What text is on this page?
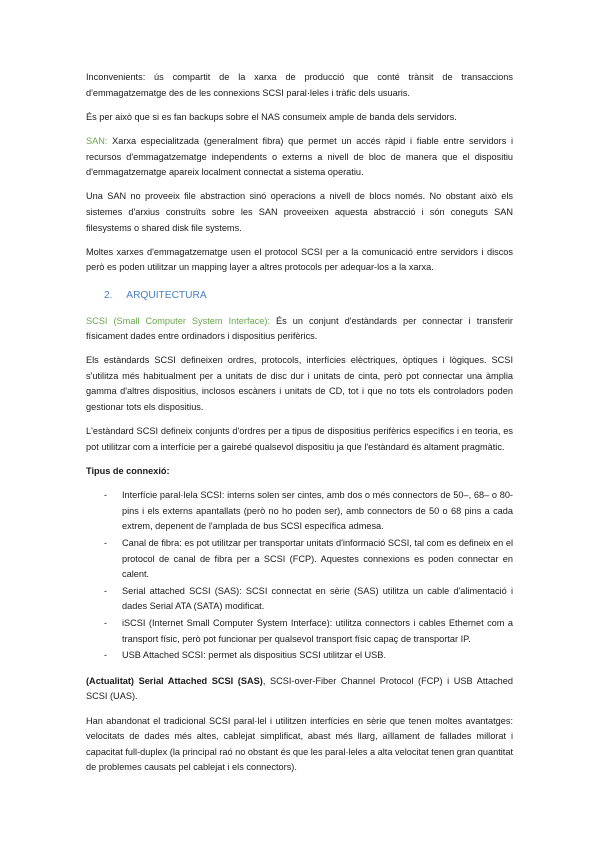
Inconvenients: ús compartit de la xarxa de producció que conté trànsit de transaccions d'emmagatzematge des de les connexions SCSI paral·leles i tràfic dels usuaris.

És per això que si es fan backups sobre el NAS consumeix ample de banda dels servidors.

SAN: Xarxa especialitzada (generalment fibra) que permet un accés ràpid i fiable entre servidors i recursos d'emmagatzematge independents o externs a nivell de bloc de manera que el dispositiu d'emmagatzematge apareix localment connectat a sistema operatiu.

Una SAN no proveeix file abstraction sinó operacions a nivell de blocs només. No obstant això els sistemes d'arxius construïts sobre les SAN proveeixen aquesta abstracció i són coneguts SAN filesystems o shared disk file systems.

Moltes xarxes d'emmagatzematge usen el protocol SCSI per a la comunicació entre servidors i discos però es poden utilitzar un mapping layer a altres protocols per adequar-los a la xarxa.

2. ARQUITECTURA

SCSI (Small Computer System Interface): És un conjunt d'estàndards per connectar i transferir físicament dades entre ordinadors i dispositius perifèrics.

Els estàndards SCSI defineixen ordres, protocols, interfícies elèctriques, òptiques i lògiques. SCSI s'utilitza més habitualment per a unitats de disc dur i unitats de cinta, però pot connectar una àmplia gamma d'altres dispositius, inclosos escàners i unitats de CD, tot i que no tots els controladors poden gestionar tots els dispositius.

L'estàndard SCSI defineix conjunts d'ordres per a tipus de dispositius perifèrics específics i en teoria, es pot utilitzar com a interfície per a gairebé qualsevol dispositiu ja que l'estàndard és altament pragmàtic.

Tipus de connexió:

- Interfície paral·lela SCSI: interns solen ser cintes, amb dos o més connectors de 50–, 68– o 80-pins i els externs apantallats (però no ho poden ser), amb connectors de 50 o 68 pins a cada extrem, depenent de l'amplada de bus SCSI específica admesa.
- Canal de fibra: es pot utilitzar per transportar unitats d'informació SCSI, tal com es defineix en el protocol de canal de fibra per a SCSI (FCP). Aquestes connexions es poden connectar en calent.
- Serial attached SCSI (SAS): SCSI connectat en sèrie (SAS) utilitza un cable d'alimentació i dades Serial ATA (SATA) modificat.
- iSCSI (Internet Small Computer System Interface): utilitza connectors i cables Ethernet com a transport físic, però pot funcionar per qualsevol transport físic capaç de transportar IP.
- USB Attached SCSI: permet als dispositius SCSI utilitzar el USB.

(Actualitat) Serial Attached SCSI (SAS), SCSI-over-Fiber Channel Protocol (FCP) i USB Attached SCSI (UAS).

Han abandonat el tradicional SCSI paral·lel i utilitzen interfícies en sèrie que tenen moltes avantatges: velocitats de dades més altes, cablejat simplificat, abast més llarg, aïllament de fallades millorat i capacitat full-duplex (la principal raó no obstant és que les paral·leles a alta velocitat tenen gran quantitat de problemes causats pel cablejat i els connectors).
